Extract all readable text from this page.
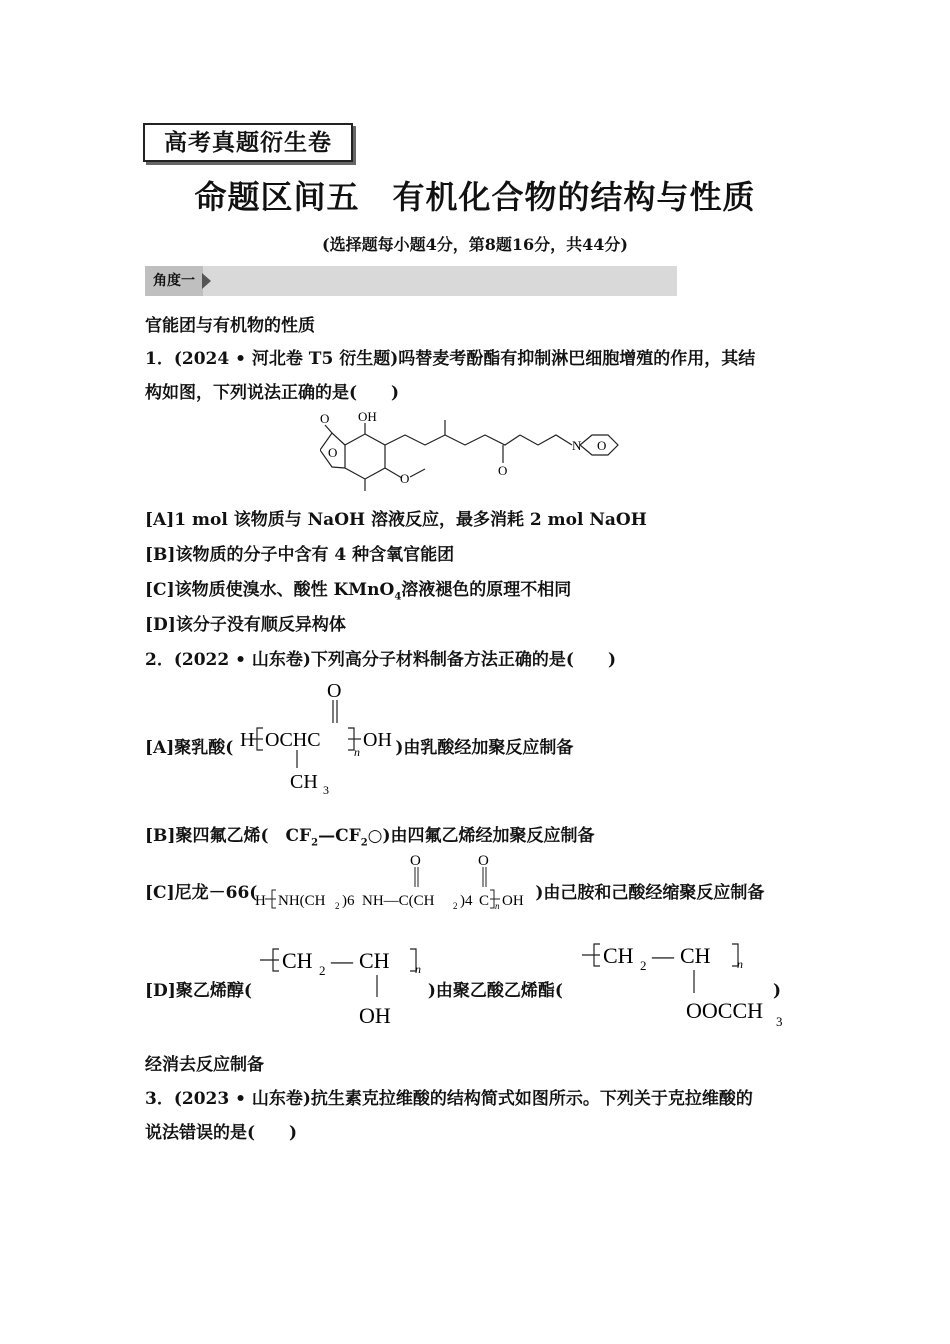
高考真题衍生卷
命题区间五　有机化合物的结构与性质
(选择题每小题4分，第8题16分，共44分)
角度一
官能团与有机物的性质
1．(2024 • 河北卷 T5 衍生题)吗替麦考酚酯有抑制淋巴细胞增殖的作用，其结
构如图，下列说法正确的是(　　)
OH
O
O
O
O
N O
[A]1 mol 该物质与 NaOH 溶液反应，最多消耗 2 mol NaOH
[B]该物质的分子中含有 4 种含氧官能团
[C]该物质使溴水、酸性 KMnO$_4$溶液褪色的原理不相同
[D]该分子没有顺反异构体
2．(2022 • 山东卷)下列高分子材料制备方法正确的是(　　)
[A]聚乳酸(	)由乳酸经加聚反应制备
H OCHC
O
n
OH
CH 3
[B]聚四氟乙烯(　$CF_2—CF_2○$)由四氟乙烯经加聚反应制备
[C]尼龙－66(	)由己胺和己酸经缩聚反应制备
H NH(CH 2 )6 NH—C(CH 2 )4 C
O	O
n OH
[D]聚乙烯醇(	)由聚乙酸乙烯酯(	)
CH 2 — CH n
OH
CH 2 — CH n
OOCCH 3
经消去反应制备
3．(2023 • 山东卷)抗生素克拉维酸的结构简式如图所示。下列关于克拉维酸的
说法错误的是(　　)
